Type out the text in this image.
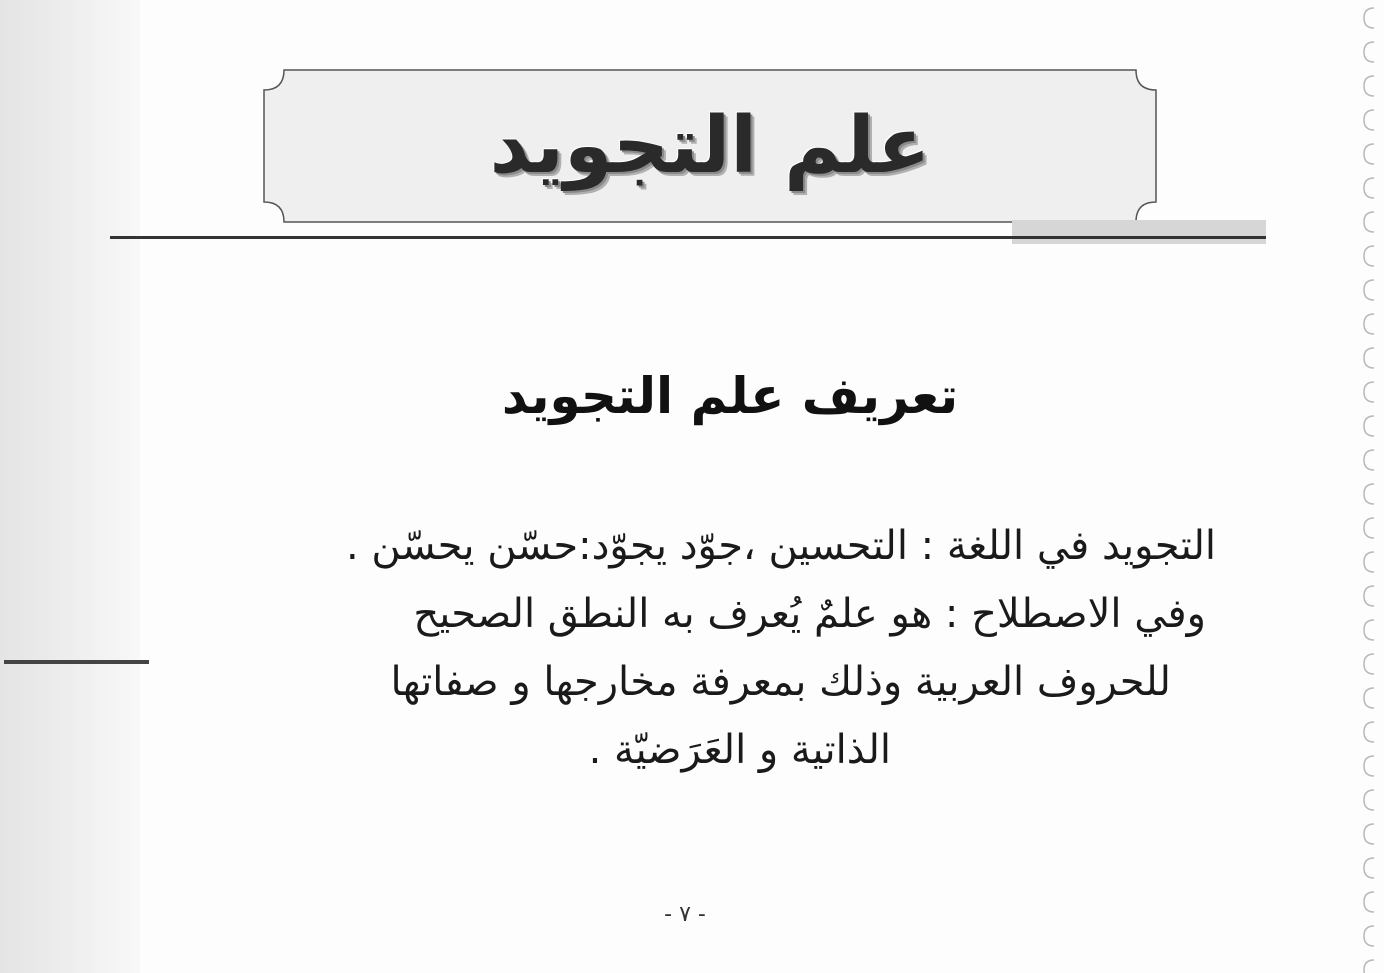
علم التجويد
تعريف علم التجويد
التجويد في اللغة : التحسين ،جوّد يجوّد:حسّن يحسّن .
وفي الاصطلاح : هو علمٌ يُعرف به النطق الصحيح
للحروف العربية وذلك بمعرفة مخارجها و صفاتها
الذاتية و العَرَضيّة .
- ٧ -
